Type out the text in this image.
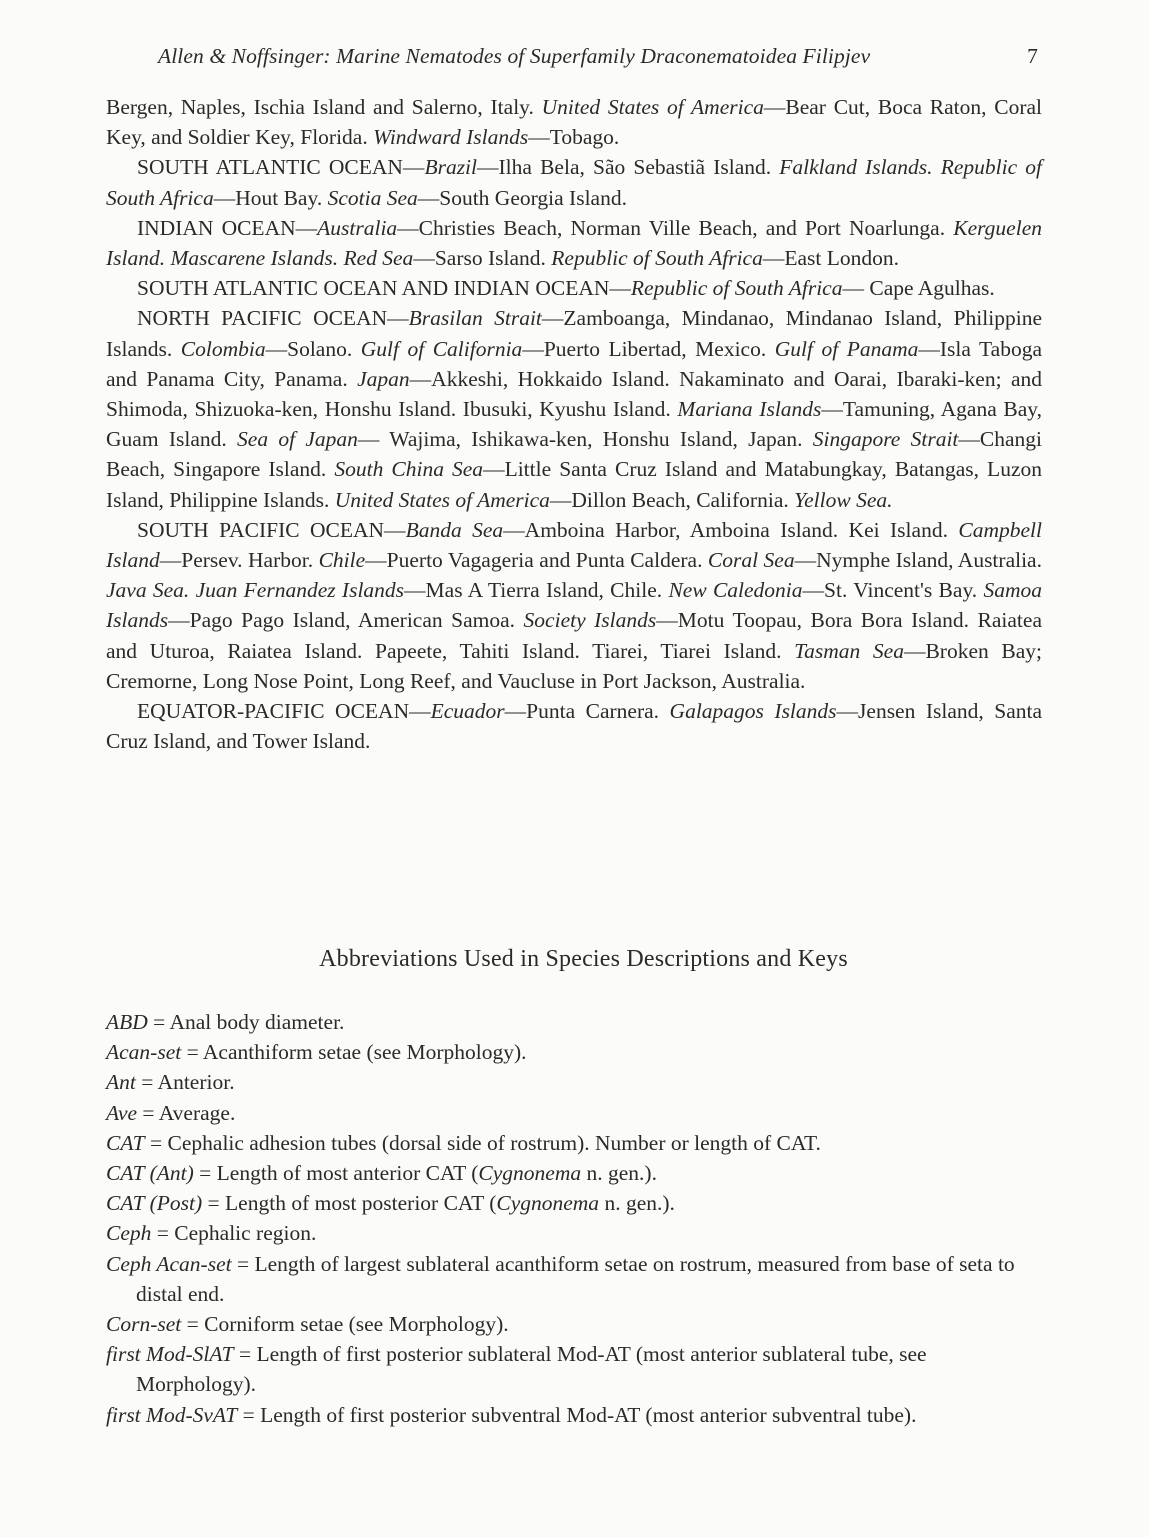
Allen & Noffsinger: Marine Nematodes of Superfamily Draconematoidea Filipjev	7

Bergen, Naples, Ischia Island and Salerno, Italy. United States of America—Bear Cut, Boca Raton, Coral Key, and Soldier Key, Florida. Windward Islands—Tobago.

SOUTH ATLANTIC OCEAN—Brazil—Ilha Bela, São Sebastiã Island. Falkland Islands. Republic of South Africa—Hout Bay. Scotia Sea—South Georgia Island.

INDIAN OCEAN—Australia—Christies Beach, Norman Ville Beach, and Port Noarlunga. Kerguelen Island. Mascarene Islands. Red Sea—Sarso Island. Republic of South Africa—East London.

SOUTH ATLANTIC OCEAN AND INDIAN OCEAN—Republic of South Africa— Cape Agulhas.

NORTH PACIFIC OCEAN—Brasilan Strait—Zamboanga, Mindanao, Mindanao Island, Philippine Islands. Colombia—Solano. Gulf of California—Puerto Libertad, Mexico. Gulf of Panama—Isla Taboga and Panama City, Panama. Japan—Akkeshi, Hokkaido Island. Nakaminato and Oarai, Ibaraki-ken; and Shimoda, Shizuoka-ken, Honshu Island. Ibusuki, Kyushu Island. Mariana Islands—Tamuning, Agana Bay, Guam Island. Sea of Japan— Wajima, Ishikawa-ken, Honshu Island, Japan. Singapore Strait—Changi Beach, Singapore Island. South China Sea—Little Santa Cruz Island and Matabungkay, Batangas, Luzon Island, Philippine Islands. United States of America—Dillon Beach, California. Yellow Sea.

SOUTH PACIFIC OCEAN—Banda Sea—Amboina Harbor, Amboina Island. Kei Island. Campbell Island—Persev. Harbor. Chile—Puerto Vagageria and Punta Caldera. Coral Sea—Nymphe Island, Australia. Java Sea. Juan Fernandez Islands—Mas A Tierra Island, Chile. New Caledonia—St. Vincent's Bay. Samoa Islands—Pago Pago Island, American Samoa. Society Islands—Motu Toopau, Bora Bora Island. Raiatea and Uturoa, Raiatea Island. Papeete, Tahiti Island. Tiarei, Tiarei Island. Tasman Sea—Broken Bay; Cremorne, Long Nose Point, Long Reef, and Vaucluse in Port Jackson, Australia.

EQUATOR-PACIFIC OCEAN—Ecuador—Punta Carnera. Galapagos Islands—Jensen Island, Santa Cruz Island, and Tower Island.

Abbreviations Used in Species Descriptions and Keys

ABD = Anal body diameter.

Acan-set = Acanthiform setae (see Morphology).

Ant = Anterior.

Ave = Average.

CAT = Cephalic adhesion tubes (dorsal side of rostrum). Number or length of CAT.

CAT (Ant) = Length of most anterior CAT (Cygnonema n. gen.).

CAT (Post) = Length of most posterior CAT (Cygnonema n. gen.).

Ceph = Cephalic region.

Ceph Acan-set = Length of largest sublateral acanthiform setae on rostrum, measured from base of seta to distal end.

Corn-set = Corniform setae (see Morphology).

first Mod-SlAT = Length of first posterior sublateral Mod-AT (most anterior sublateral tube, see Morphology).

first Mod-SvAT = Length of first posterior subventral Mod-AT (most anterior subventral tube).
